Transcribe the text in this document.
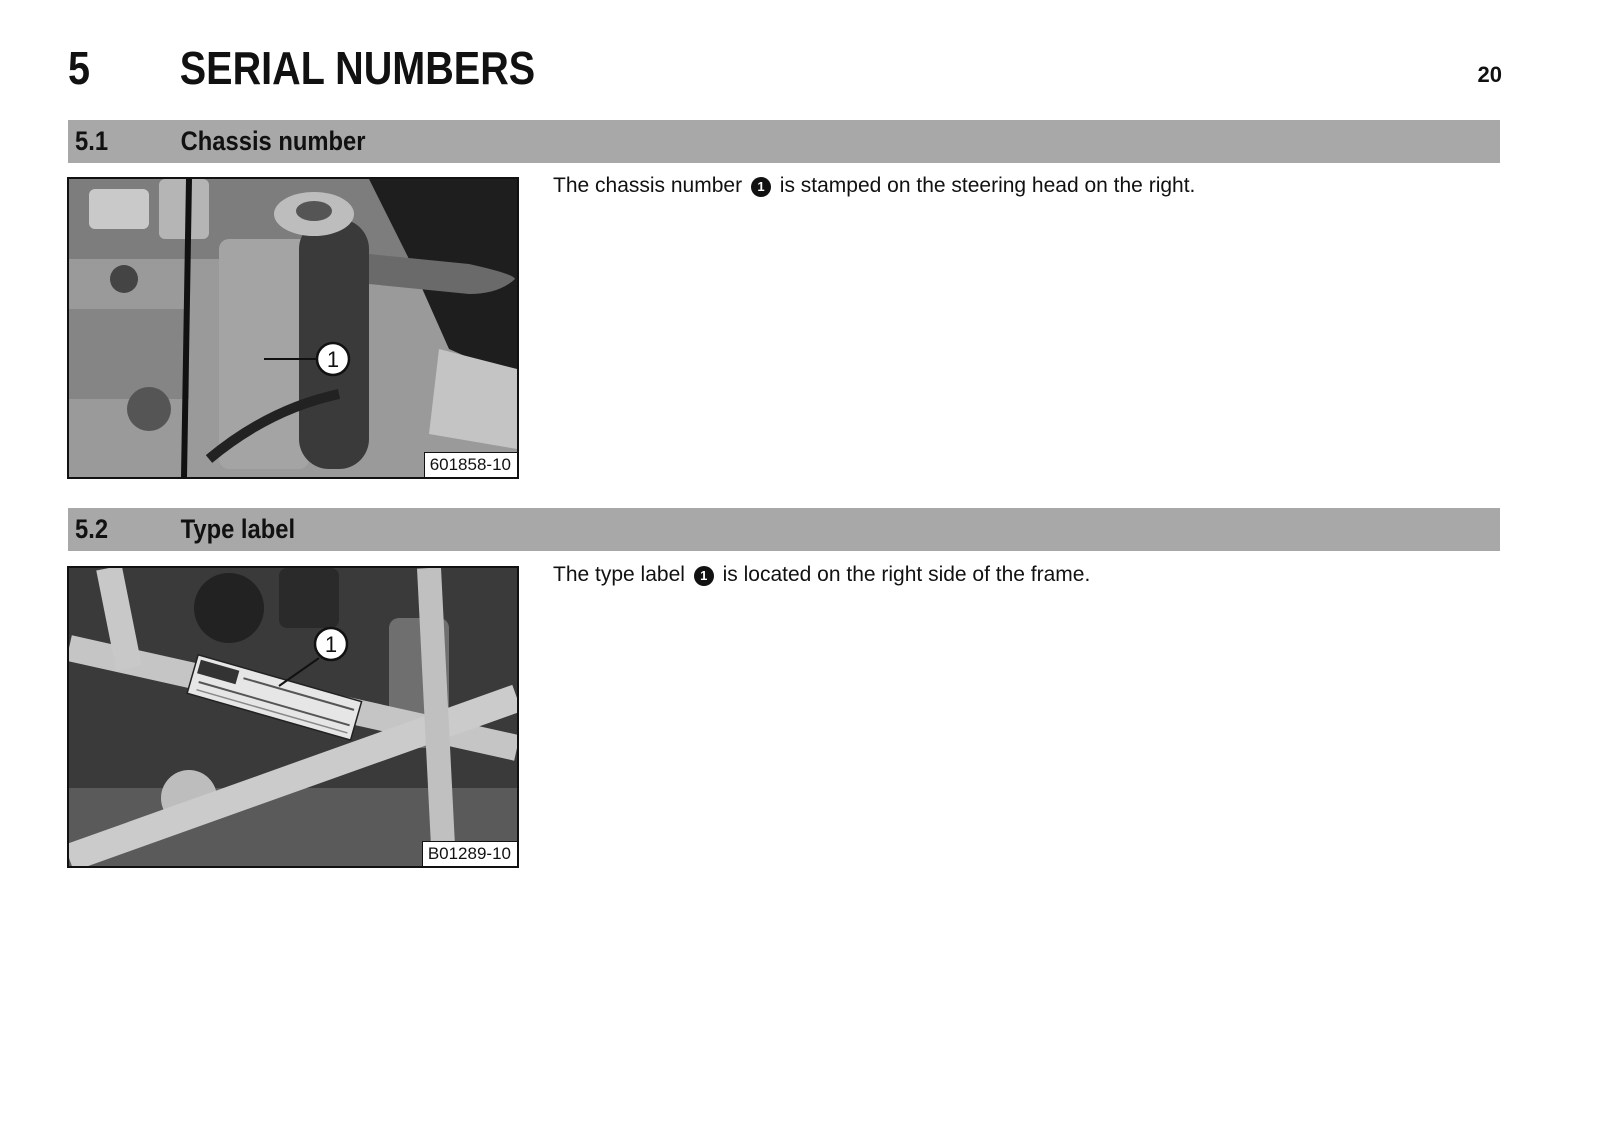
5	SERIAL NUMBERS	20
5.1	Chassis number
1
601858-10
The chassis number 1 is stamped on the steering head on the right.
5.2	Type label
1
B01289-10
The type label 1 is located on the right side of the frame.
